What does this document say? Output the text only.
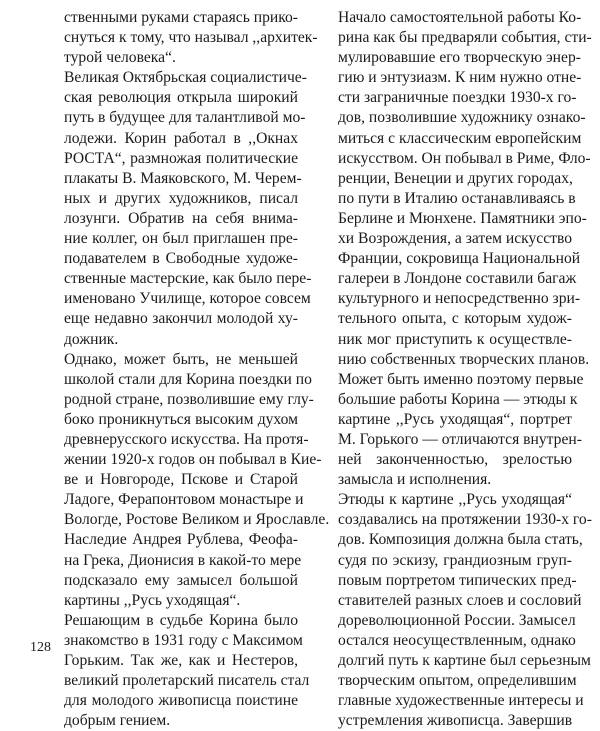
ственными руками стараясь прико-
снуться к тому, что называл ,,архитек-
турой человека“.
Великая Октябрьская социалистиче-
ская революция открыла широкий
путь в будущее для талантливой мо-
лодежи. Корин работал в ,,Окнах
РОСТА“, размножая политические
плакаты В. Маяковского, М. Черем-
ных и других художников, писал
лозунги. Обратив на себя внима-
ние коллег, он был приглашен пре-
подавателем в Свободные художе-
ственные мастерские, как было пере-
именовано Училище, которое совсем
еще недавно закончил молодой ху-
дожник.
Однако, может быть, не меньшей
школой стали для Корина поездки по
родной стране, позволившие ему глу-
боко проникнуться высоким духом
древнерусского искусства. На протя-
жении 1920-х годов он побывал в Кие-
ве и Новгороде, Пскове и Старой
Ладоге, Ферапонтовом монастыре и
Вологде, Ростове Великом и Ярославле.
Наследие Андрея Рублева, Феофа-
на Грека, Дионисия в какой-то мере
подсказало ему замысел большой
картины ,,Русь уходящая“.
Решающим в судьбе Корина было
знакомство в 1931 году с Максимом
Горьким. Так же, как и Нестеров,
великий пролетарский писатель стал
для молодого живописца поистине
добрым гением.
Начало самостоятельной работы Ко-
рина как бы предваряли события, сти-
мулировавшие его творческую энер-
гию и энтузиазм. К ним нужно отне-
сти заграничные поездки 1930-х го-
дов, позволившие художнику ознако-
миться с классическим европейским
искусством. Он побывал в Риме, Фло-
ренции, Венеции и других городах,
по пути в Италию останавливаясь в
Берлине и Мюнхене. Памятники эпо-
хи Возрождения, а затем искусство
Франции, сокровища Национальной
галереи в Лондоне составили багаж
культурного и непосредственно зри-
тельного опыта, с которым худож-
ник мог приступить к осуществле-
нию собственных творческих планов.
Может быть именно поэтому первые
большие работы Корина — этюды к
картине ,,Русь уходящая“, портрет
М. Горького — отличаются внутрен-
ней законченностью, зрелостью
замысла и исполнения.
Этюды к картине ,,Русь уходящая“
создавались на протяжении 1930-х го-
дов. Композиция должна была стать,
судя по эскизу, грандиозным груп-
повым портретом типических пред-
ставителей разных слоев и сословий
дореволюционной России. Замысел
остался неосуществленным, однако
долгий путь к картине был серьезным
творческим опытом, определившим
главные художественные интересы и
устремления живописца. Завершив
128
